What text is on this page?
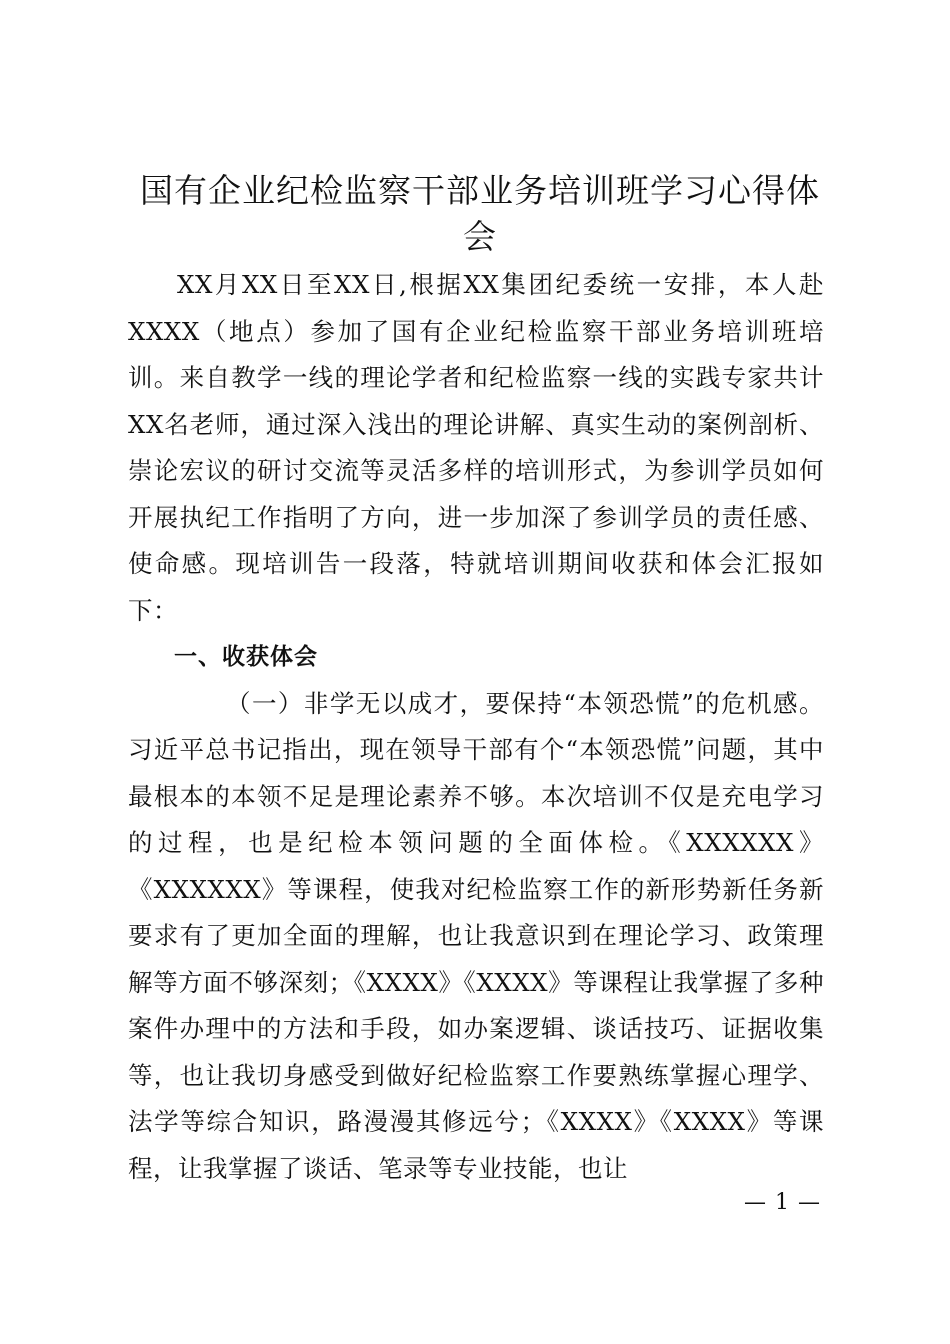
国有企业纪检监察干部业务培训班学习心得体会

XX月XX日至XX日,根据XX集团纪委统一安排，本人赴XXXX（地点）参加了国有企业纪检监察干部业务培训班培训。来自教学一线的理论学者和纪检监察一线的实践专家共计XX名老师，通过深入浅出的理论讲解、真实生动的案例剖析、崇论宏议的研讨交流等灵活多样的培训形式，为参训学员如何开展执纪工作指明了方向，进一步加深了参训学员的责任感、使命感。现培训告一段落，特就培训期间收获和体会汇报如下：

一、收获体会

（一）非学无以成才，要保持“本领恐慌”的危机感。习近平总书记指出，现在领导干部有个“本领恐慌”问题，其中最根本的本领不足是理论素养不够。本次培训不仅是充电学习的过程，也是纪检本领问题的全面体检。《XXXXXX》《XXXXXX》等课程，使我对纪检监察工作的新形势新任务新要求有了更加全面的理解，也让我意识到在理论学习、政策理解等方面不够深刻；《XXXX》《XXXX》等课程让我掌握了多种案件办理中的方法和手段，如办案逻辑、谈话技巧、证据收集等，也让我切身感受到做好纪检监察工作要熟练掌握心理学、法学等综合知识，路漫漫其修远兮；《XXXX》《XXXX》等课程，让我掌握了谈话、笔录等专业技能，也让

— 1 —
